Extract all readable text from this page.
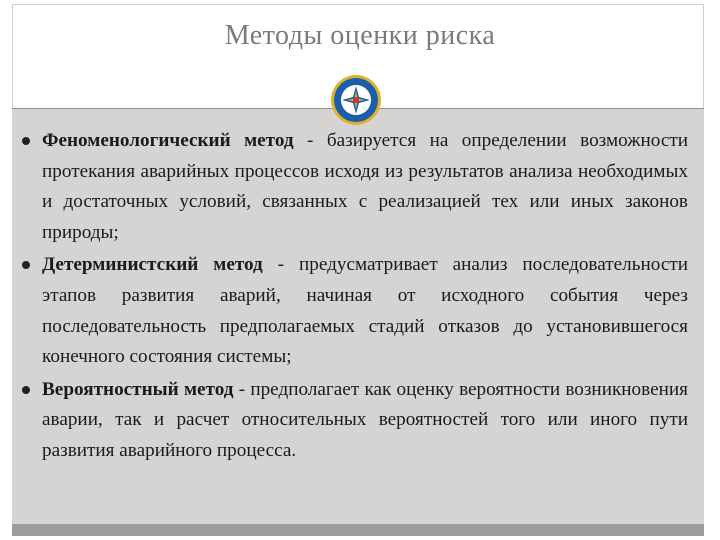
Методы оценки риска
Феноменологический метод - базируется на определении возможности протекания аварийных процессов исходя из результатов анализа необходимых и достаточных условий, связанных с реализацией тех или иных законов природы;
Детерминистский метод - предусматривает анализ последовательности этапов развития аварий, начиная от исходного события через последовательность предполагаемых стадий отказов до установившегося конечного состояния системы;
Вероятностный метод - предполагает как оценку вероятности возникновения аварии, так и расчет относительных вероятностей того или иного пути развития аварийного процесса.
